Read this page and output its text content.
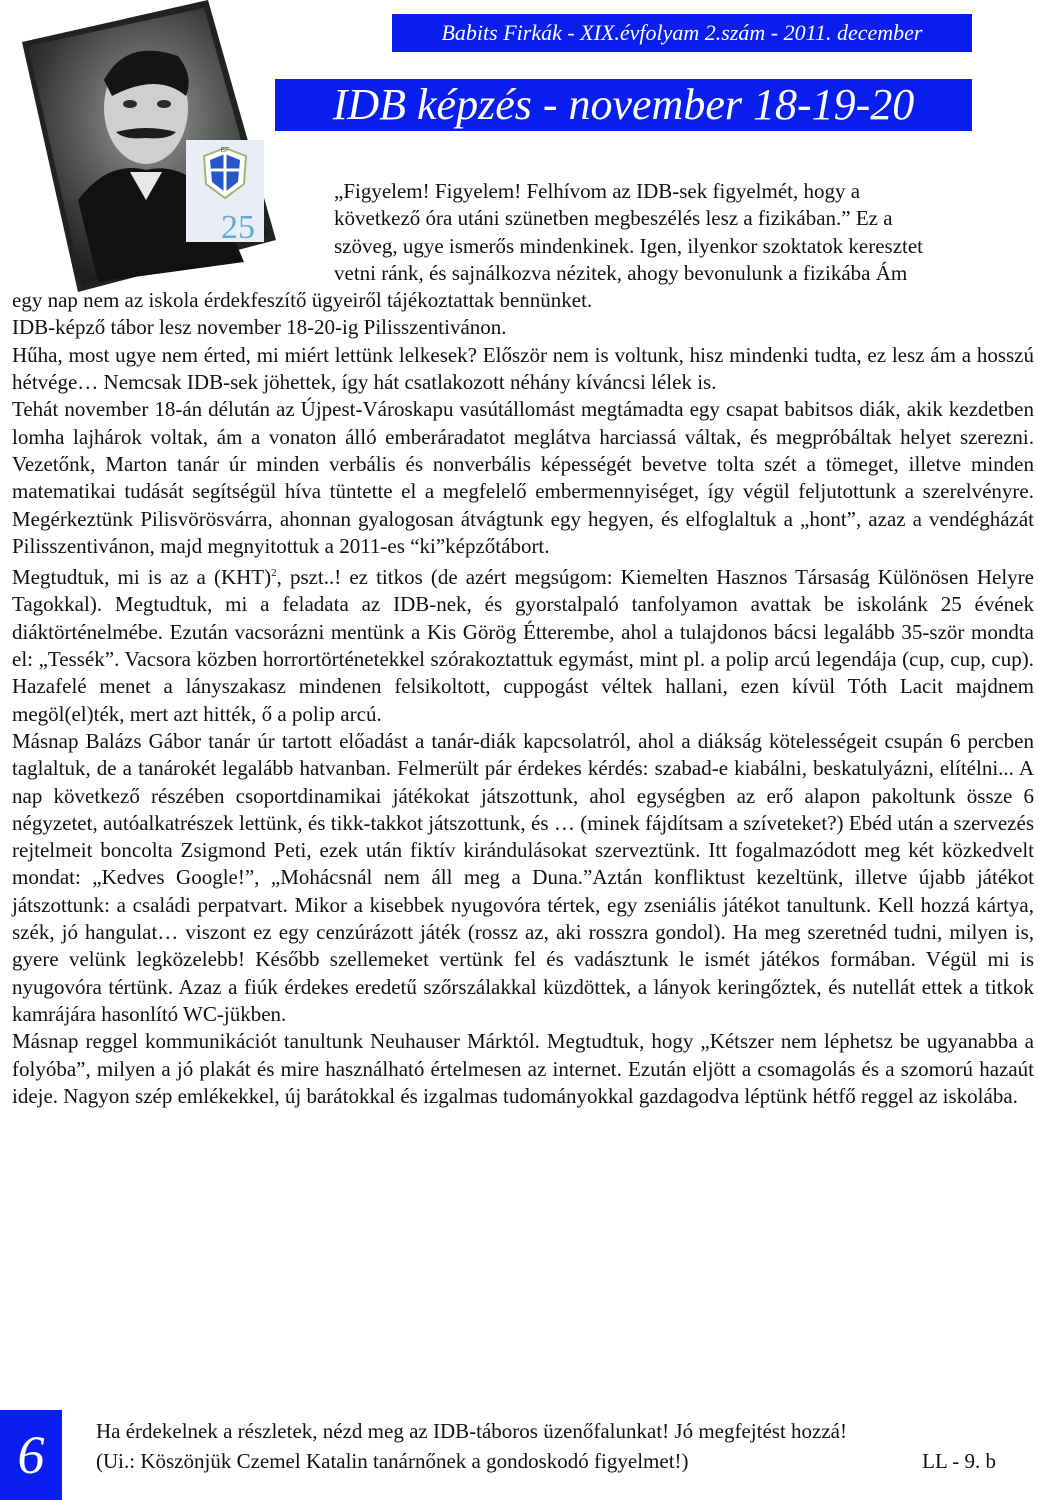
Babits Firkák - XIX.évfolyam 2.szám - 2011. december
IDB képzés - november 18-19-20
BF
25
„Figyelem! Figyelem! Felhívom az IDB-sek figyelmét, hogy a
következő óra utáni szünetben megbeszélés lesz a fizikában.” Ez a
szöveg, ugye ismerős mindenkinek. Igen, ilyenkor szoktatok keresztet
vetni ránk, és sajnálkozva nézitek, ahogy bevonulunk a fizikába Ám

egy nap nem az iskola érdekfeszítő ügyeiről tájékoztattak bennünket.

IDB-képző tábor lesz november 18-20-ig Pilisszentivánon.

Hűha, most ugye nem érted, mi miért lettünk lelkesek? Először nem is voltunk, hisz mindenki tudta, ez lesz ám a hosszú hétvége… Nemcsak IDB-sek jöhettek, így hát csatlakozott néhány kíváncsi lélek is.

Tehát november 18-án délután az Újpest-Városkapu vasútállomást megtámadta egy csapat babitsos diák, akik kezdetben lomha lajhárok voltak, ám a vonaton álló emberáradatot meglátva harciassá váltak, és megpróbáltak helyet szerezni. Vezetőnk, Marton tanár úr minden verbális és nonverbális képességét bevetve tolta szét a tömeget, illetve minden matematikai tudását segítségül híva tüntette el a megfelelő embermennyiséget, így végül feljutottunk a szerelvényre. Megérkeztünk Pilisvörösvárra, ahonnan gyalogosan átvágtunk egy hegyen, és elfoglaltuk a „hont”, azaz a vendégházát Pilisszentivánon, majd megnyitottuk a 2011-es “ki”képzőtábort.

Megtudtuk, mi is az a (KHT)$^2$, pszt..! ez titkos (de azért megsúgom: Kiemelten Hasznos Társaság Különösen Helyre Tagokkal). Megtudtuk, mi a feladata az IDB-nek, és gyorstalpaló tanfolyamon avattak be iskolánk 25 évének diáktörténelmébe. Ezután vacsorázni mentünk a Kis Görög Étterembe, ahol a tulajdonos bácsi legalább 35-ször mondta el: „Tessék”. Vacsora közben horrortörténetekkel szórakoztattuk egymást, mint pl. a polip arcú legendája (cup, cup, cup). Hazafelé menet a lányszakasz mindenen felsikoltott, cuppogást véltek hallani, ezen kívül Tóth Lacit majdnem megöl(el)ték, mert azt hitték, ő a polip arcú.

Másnap Balázs Gábor tanár úr tartott előadást a tanár-diák kapcsolatról, ahol a diákság kötelességeit csupán 6 percben taglaltuk, de a tanárokét legalább hatvanban. Felmerült pár érdekes kérdés: szabad-e kiabálni, beskatulyázni, elítélni... A nap következő részében csoportdinamikai játékokat játszottunk, ahol egységben az erő alapon pakoltunk össze 6 négyzetet, autóalkatrészek lettünk, és tikk-takkot játszottunk, és … (minek fájdítsam a szíveteket?) Ebéd után a szervezés rejtelmeit boncolta Zsigmond Peti, ezek után fiktív kirándulásokat szerveztünk. Itt fogalmazódott meg két közkedvelt mondat: „Kedves Google!”, „Mohácsnál nem áll meg a Duna.”Aztán konfliktust kezeltünk, illetve újabb játékot játszottunk: a családi perpatvart. Mikor a kisebbek nyugovóra tértek, egy zseniális játékot tanultunk. Kell hozzá kártya, szék, jó hangulat… viszont ez egy cenzúrázott játék (rossz az, aki rosszra gondol). Ha meg szeretnéd tudni, milyen is, gyere velünk legközelebb! Később szellemeket vertünk fel és vadásztunk le ismét játékos formában. Végül mi is nyugovóra tértünk. Azaz a fiúk érdekes eredetű szőrszálakkal küzdöttek, a lányok keringőztek, és nutellát ettek a titkok kamrájára hasonlító WC-jükben.

Másnap reggel kommunikációt tanultunk Neuhauser Márktól. Megtudtuk, hogy „Kétszer nem léphetsz be ugyanabba a folyóba”, milyen a jó plakát és mire használható értelmesen az internet. Ezután eljött a csomagolás és a szomorú hazaút ideje. Nagyon szép emlékekkel, új barátokkal és izgalmas tudományokkal gazdagodva léptünk hétfő reggel az iskolába.

6	Ha érdekelnek a részletek, nézd meg az IDB-táboros üzenőfalunkat! Jó megfejtést hozzá!
(Ui.: Köszönjük Czemel Katalin tanárnőnek a gondoskodó figyelmet!)	LL - 9. b
